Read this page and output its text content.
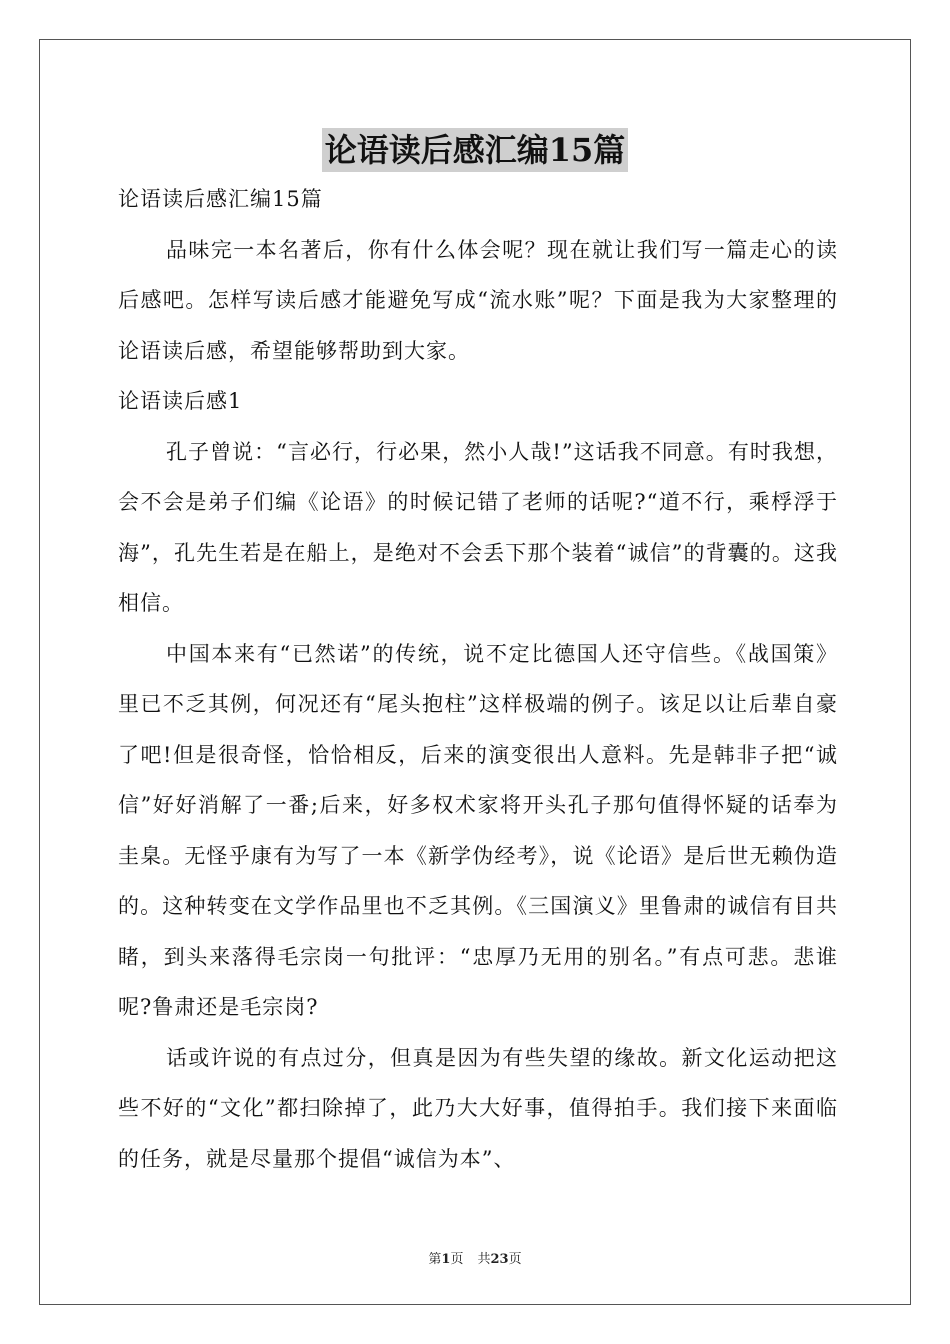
论语读后感汇编15篇

论语读后感汇编15篇

品味完一本名著后，你有什么体会呢？现在就让我们写一篇走心的读后感吧。怎样写读后感才能避免写成“流水账”呢？下面是我为大家整理的论语读后感，希望能够帮助到大家。

论语读后感1

孔子曾说：“言必行，行必果，然小人哉!”这话我不同意。有时我想，会不会是弟子们编《论语》的时候记错了老师的话呢?“道不行，乘桴浮于海”，孔先生若是在船上，是绝对不会丢下那个装着“诚信”的背囊的。这我相信。

中国本来有“已然诺”的传统，说不定比德国人还守信些。《战国策》里已不乏其例，何况还有“尾头抱柱”这样极端的例子。该足以让后辈自豪了吧!但是很奇怪，恰恰相反，后来的演变很出人意料。先是韩非子把“诚信”好好消解了一番;后来，好多权术家将开头孔子那句值得怀疑的话奉为圭臬。无怪乎康有为写了一本《新学伪经考》，说《论语》是后世无赖伪造的。这种转变在文学作品里也不乏其例。《三国演义》里鲁肃的诚信有目共睹，到头来落得毛宗岗一句批评：“忠厚乃无用的别名。”有点可悲。悲谁呢?鲁肃还是毛宗岗?

话或许说的有点过分，但真是因为有些失望的缘故。新文化运动把这些不好的“文化”都扫除掉了，此乃大大好事，值得拍手。我们接下来面临的任务，就是尽量那个提倡“诚信为本”、

第1页 共23页
